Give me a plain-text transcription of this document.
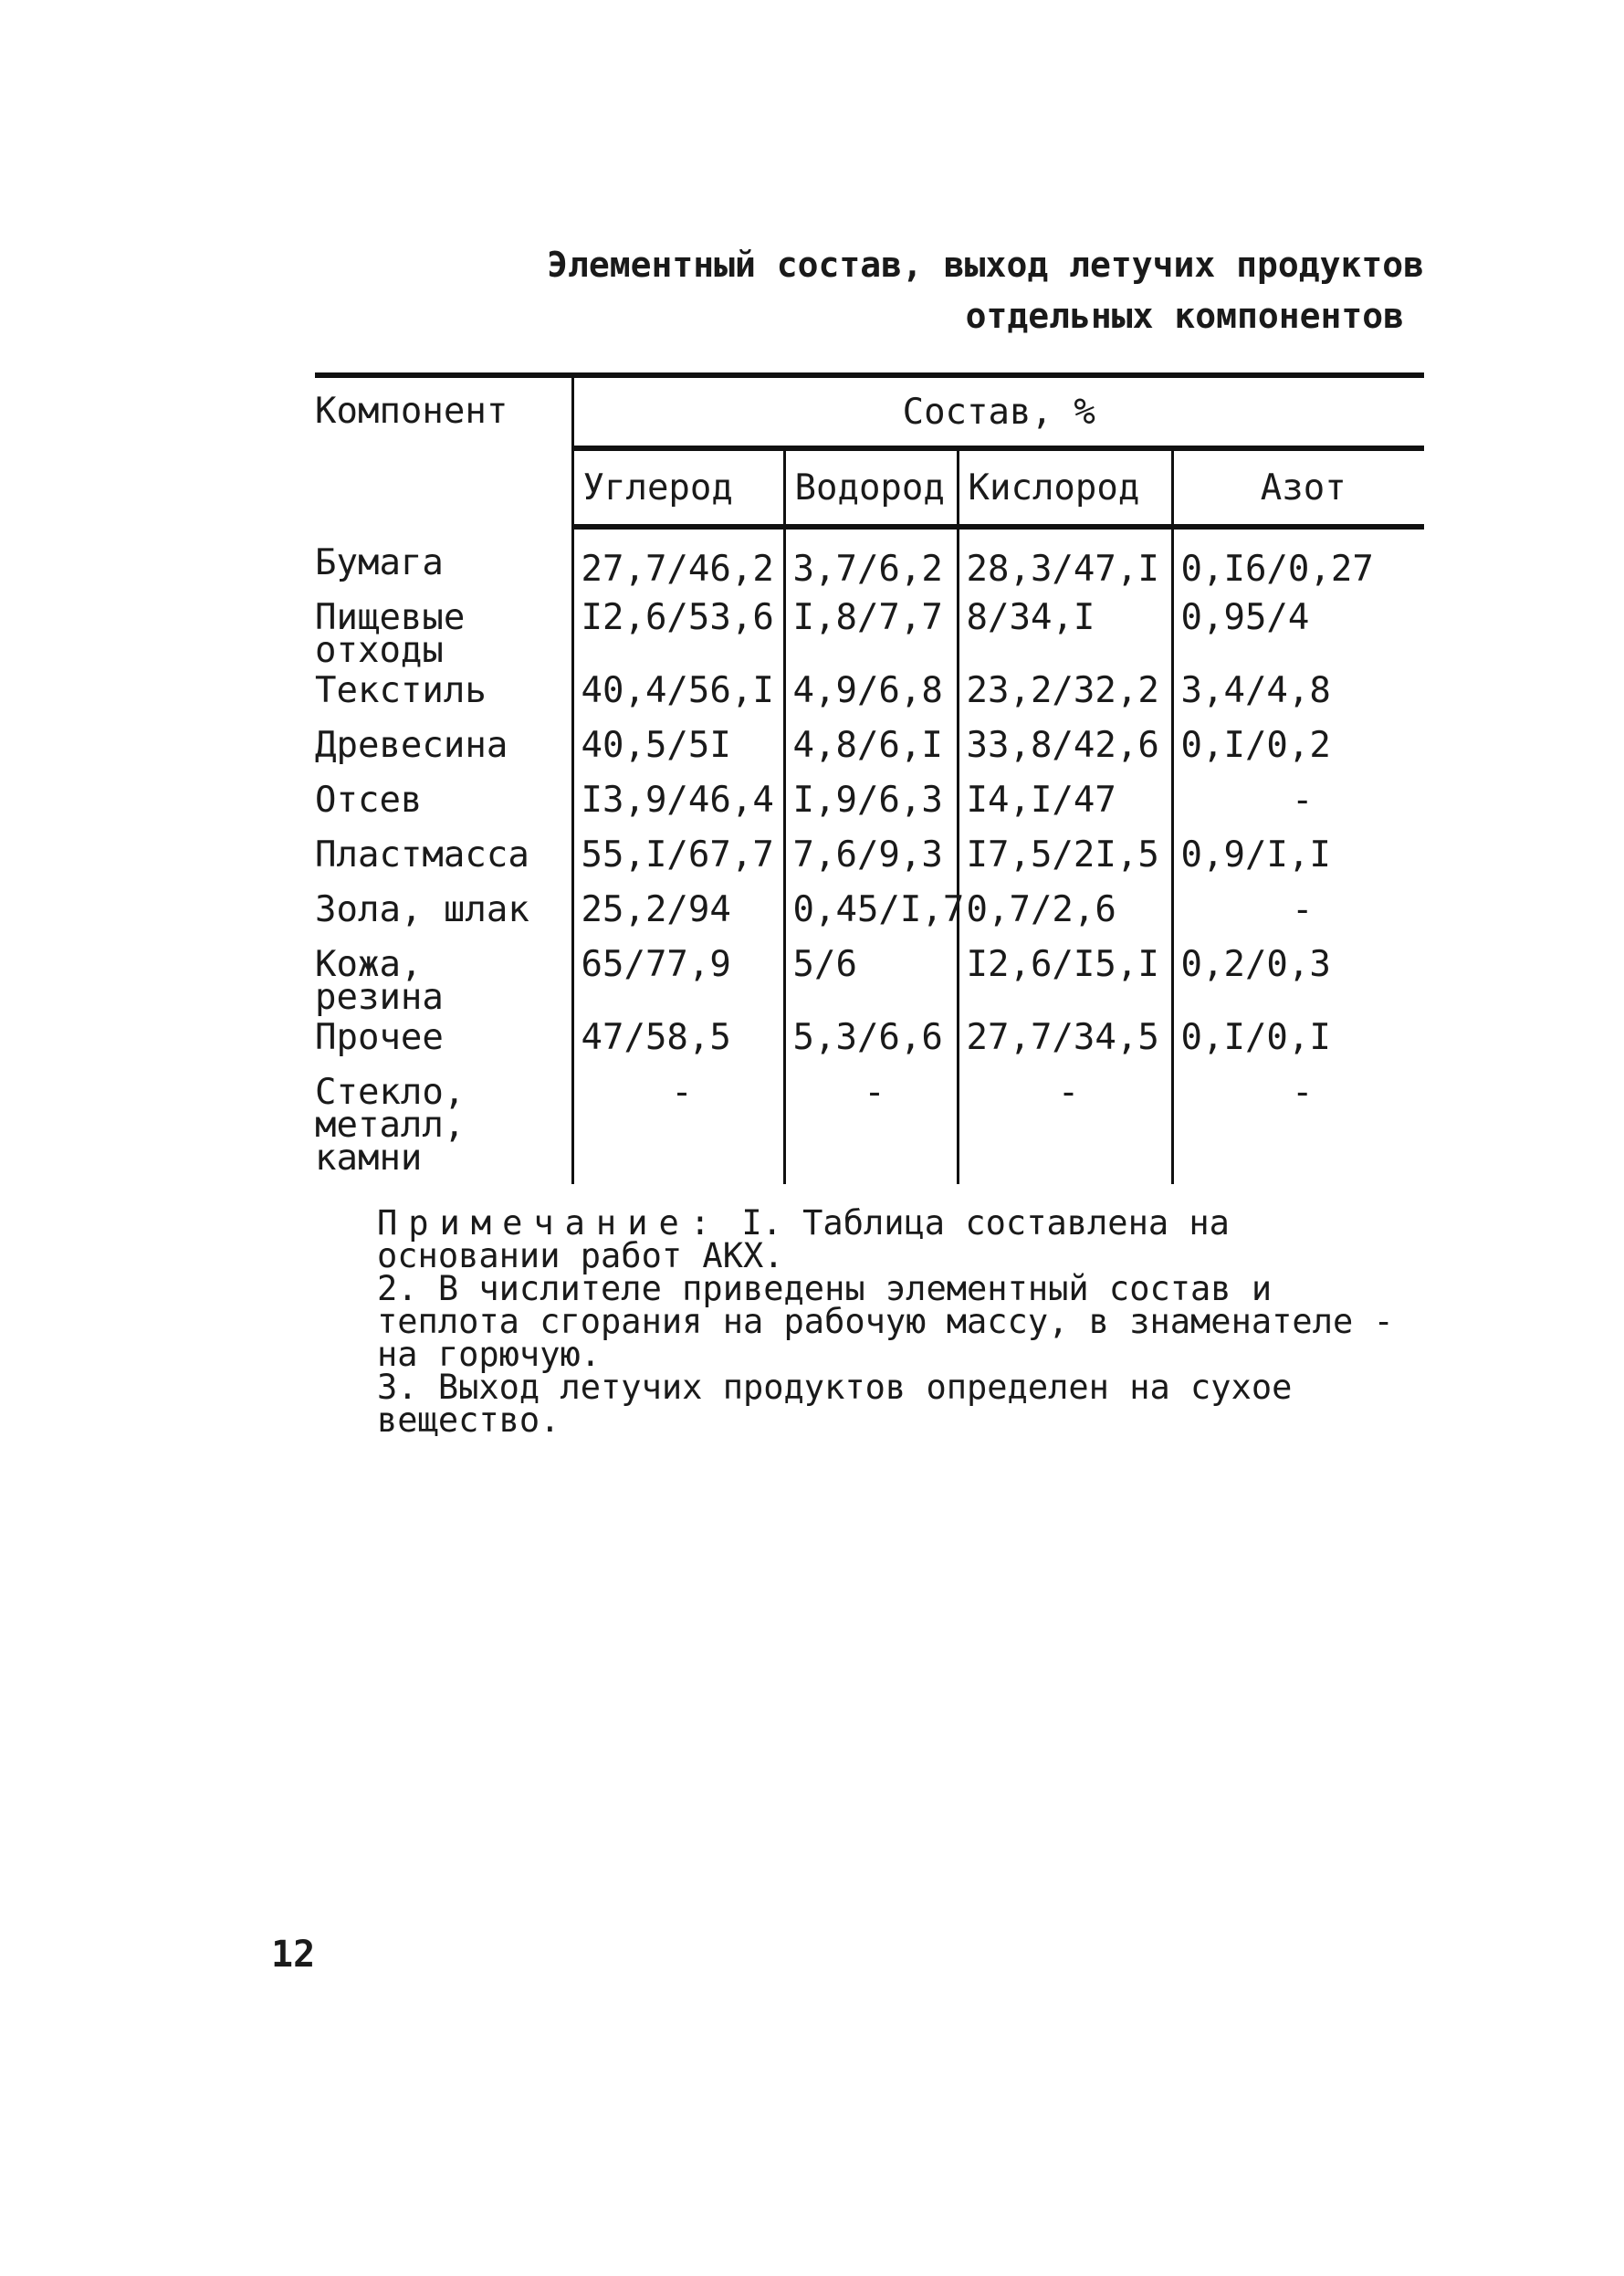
Элементный состав, выход летучих продуктов

отдельных компонентов
Компонент	Состав, %			
	Углерод	Водород	Кислород	Азот
Бумага	27,7/46,2	3,7/6,2	28,3/47,I	0,I6/0,27
Пищевые отходы	I2,6/53,6	I,8/7,7	8/34,I	0,95/4
Текстиль	40,4/56,I	4,9/6,8	23,2/32,2	3,4/4,8
Древесина	40,5/5I	4,8/6,I	33,8/42,6	0,I/0,2
Отсев	I3,9/46,4	I,9/6,3	I4,I/47	-
Пластмасса	55,I/67,7	7,6/9,3	I7,5/2I,5	0,9/I,I
Зола, шлак	25,2/94	0,45/I,7	0,7/2,6	-
Кожа, резина	65/77,9	5/6	I2,6/I5,I	0,2/0,3
Прочее	47/58,5	5,3/6,6	27,7/34,5	0,I/0,I
Стекло, металл, камни	-	-	-	-

Примечание: I. Таблица составлена на основании работ АКХ.

2. В числителе приведены элементный состав и теплота сгорания на рабочую массу, в знаменателе - на горючую.

3. Выход летучих продуктов определен на сухое вещество.

12
